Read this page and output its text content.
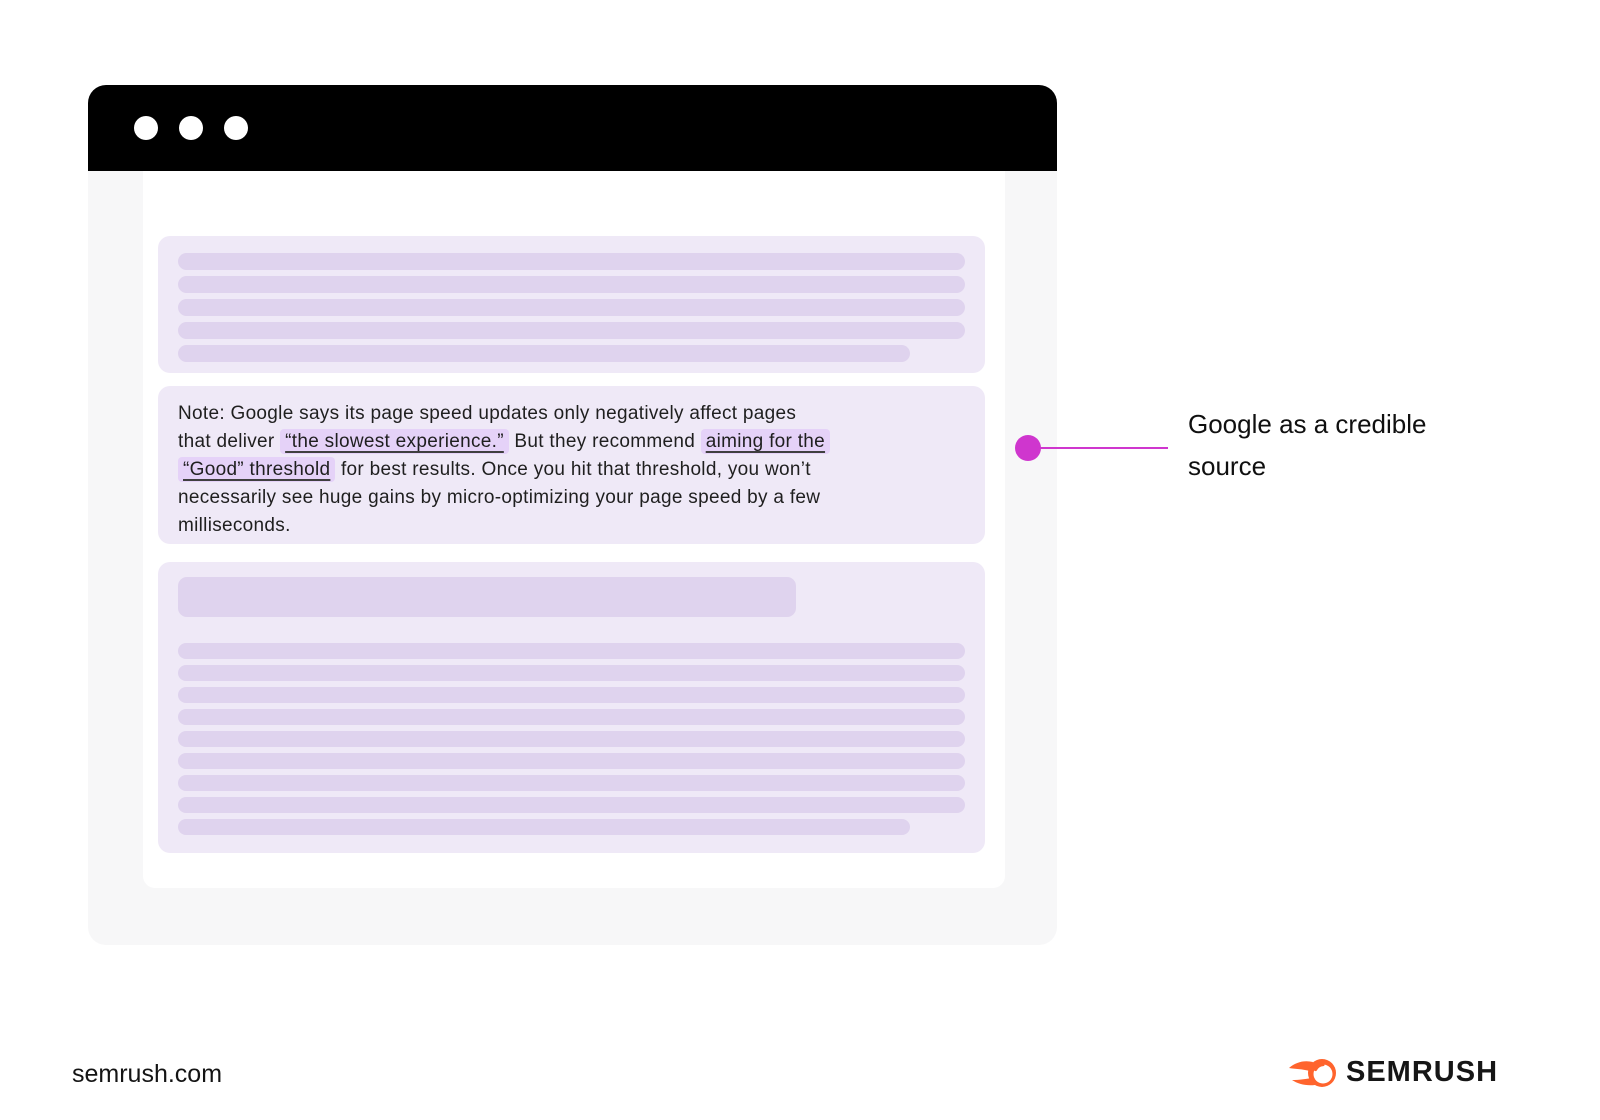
Note: Google says its page speed updates only negatively affect pages
that deliver “the slowest experience.” But they recommend aiming for the
“Good” threshold for best results. Once you hit that threshold, you won’t
necessarily see huge gains by micro-optimizing your page speed by a few
milliseconds.
Google as a credible source
semrush.com	SEMRUSH
